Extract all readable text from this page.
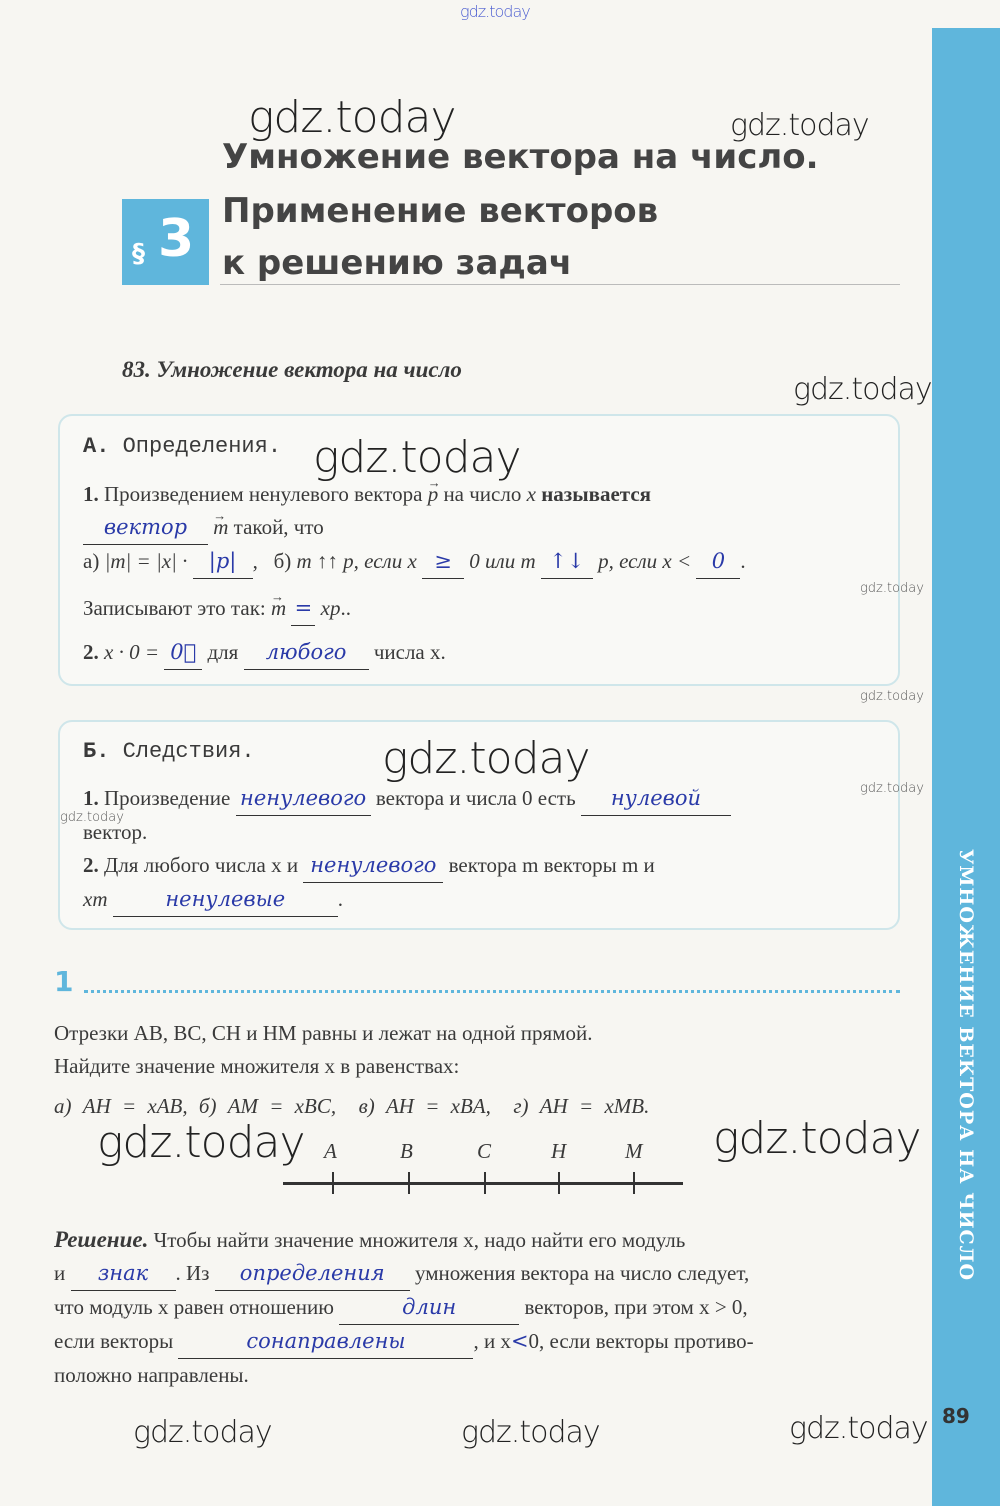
УМНОЖЕНИЕ ВЕКТОРА НА ЧИСЛО
gdz.today
gdz.today	gdz.today
gdz.today
gdz.today
gdz.today
gdz.today
gdz.today
gdz.today
gdz.today
gdz.today	gdz.today
gdz.today	gdz.today	gdz.today
§ 3
Умножение вектора на число.
Применение векторов
к решению задач
83. Умножение вектора на число
А. Определения.
1. Произведением ненулевого вектора → p на число x называется
вектор → m такой, что
а) |m| = |x| · |p| ,   б) m ↑↑ p, если x ≥ 0 или m ↑↓ p, если x < 0 .
Записывают это так: → m = xp..
2. x · 0 = 0⃗ для любого числа x.
Б. Следствия.
1. Произведение ненулевого вектора и числа 0 есть нулевой
вектор.
2. Для любого числа x и ненулевого вектора m векторы m и
xm	ненулевые	.
1
Отрезки AB, BC, CH и HM равны и лежат на одной прямой.
Найдите значение множителя x в равенствах:
а) AH = xAB, б) AM = xBC, в) AH = xBA, г) AH = xMB.
A	B	C	H	M
Решение. Чтобы найти значение множителя x, надо найти его модуль
и знак . Из определения умножения вектора на число следует,
что модуль x равен отношению	длин	векторов, при этом x > 0,
если векторы	сонаправлены	, и x<0, если векторы противо-
положно направлены.
89
